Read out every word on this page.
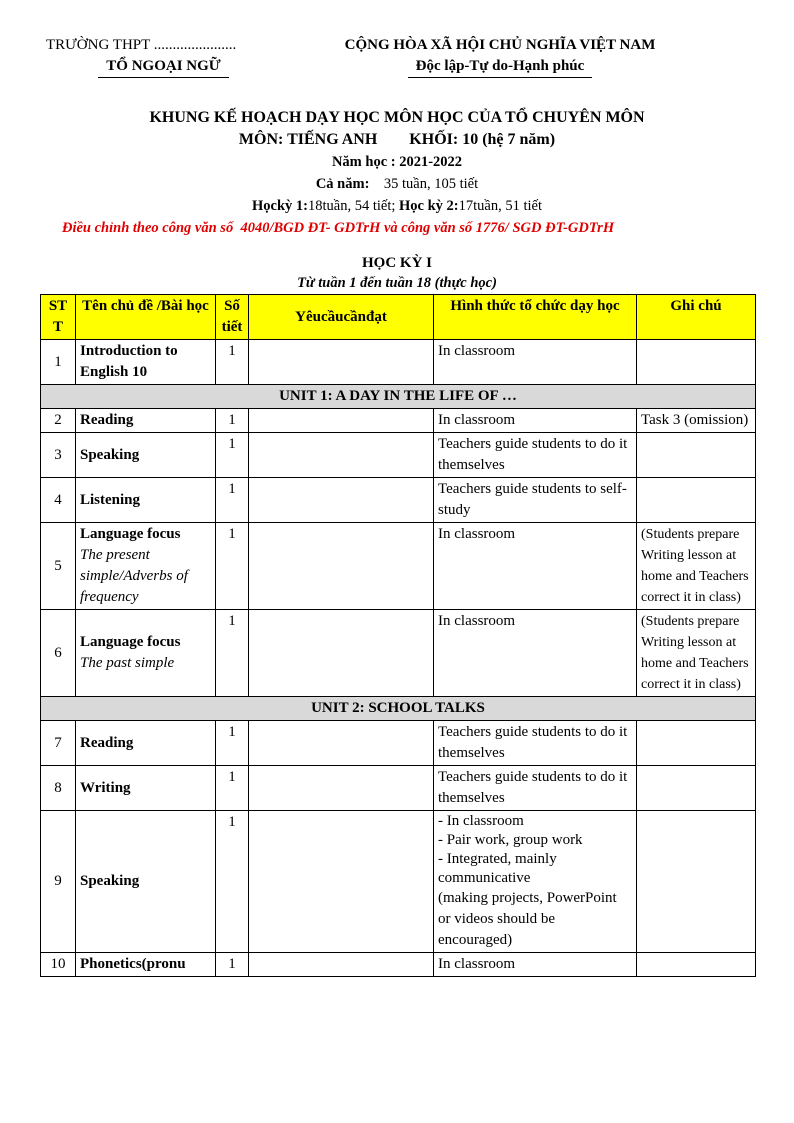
TRƯỜNG THPT ......................
TỔ NGOẠI NGỮ
CỘNG HÒA XÃ HỘI CHỦ NGHĨA VIỆT NAM
Độc lập-Tự do-Hạnh phúc
KHUNG KẾ HOẠCH DẠY HỌC MÔN HỌC CỦA TỔ CHUYÊN MÔN
MÔN: TIẾNG ANH        KHỐI: 10 (hệ 7 năm)
Năm học : 2021-2022
Cả năm: 35 tuần, 105 tiết
Họckỳ 1:18tuần, 54 tiết; Học kỳ 2:17tuần, 51 tiết
Điều chỉnh theo công văn số  4040/BGD ĐT- GDTrH và công văn số 1776/ SGD ĐT-GDTrH
HỌC KỲ I
Từ tuần 1 đến tuần 18 (thực học)
ST T	Tên chủ đề /Bài học	Số tiết	Yêucầucầnđạt	Hình thức tổ chức dạy học	Ghi chú
1	Introduction to English 10	1		In classroom	
UNIT 1: A DAY IN THE LIFE OF …					
2	Reading	1		In classroom	Task 3 (omission)
3	Speaking	1		Teachers guide students to do it themselves	
4	Listening	1		Teachers guide students to self-study	
5	Language focus
The present simple/Adverbs of frequency	1		In classroom	(Students prepare Writing lesson at home and Teachers correct it in class)
6	Language focus
The past simple	1		In classroom	(Students prepare Writing lesson at home and Teachers correct it in class)
UNIT 2: SCHOOL TALKS					
7	Reading	1		Teachers guide students to do it themselves	
8	Writing	1		Teachers guide students to do it themselves	
9	Speaking	1		- In classroom
- Pair work, group work
- Integrated, mainly communicative
(making projects, PowerPoint or videos should be encouraged)	

10	Phonetics(pronu	1		In classroom	
